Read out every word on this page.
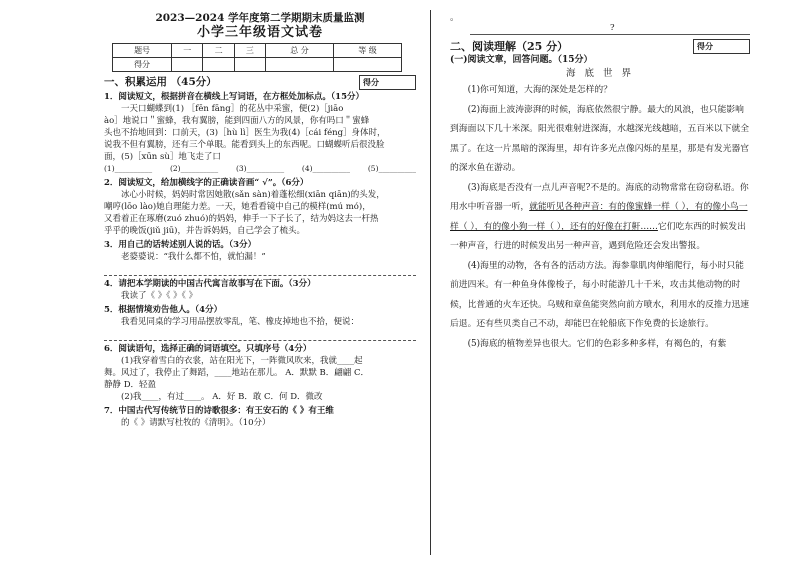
2023—2024 学年度第二学期期末质量监测
小学三年级语文试卷
题号	一	二	三	总 分	等 级
得分					
一、积累运用 （45分）	得分
1．阅读短文，根据拼音在横线上写词语，在方框处加标点。（15分）
一天口蝴蝶到(1) ［fēn fāng］的花丛中采蜜，便(2)［jiāo
ào］地说口＂蜜蜂，我有翼膀，能到四面八方的风景，你有吗口＂蜜蜂
头也不抬地回到：口前天，(3)［hù lì］医生为我(4)［cái féng］身体时，
说我不但有翼膀，还有三个单眼。能看到头上的东西呢。口蝴蝶听后很没脸
面，(5)［xūn sù］地飞走了口
(1)__________ (2)__________ (3)__________ (4)__________ (5)__________
2．阅读短文，给加横线字的正确读音画“ √”。（6分）
冰心小时候，妈妈时常因她散(sǎn sàn)着蓬松细(xiān qiān)的头发，
嘲哼(lōo lào)她自理能力差。一天，她看看镜中自己的模样(mú mó)，
又看着正在琢磨(zuó zhuó)的妈妈，伸手一下子长了，结为妈这去一杆热
乎乎的晚饭(jiǔ jiū)，并告诉妈妈，自己学会了梳头。
3．用自己的话转述别人说的话。（3分）
老婆婆说：“我什么都不怕，就怕漏！”
4．请把本学期读的中国古代寓言故事写在下面。（3分）
我读了《 》《 》《 》
5．根据情境劝告他人。（4分）
我看见同桌的学习用品摆放零乱，笔、橡皮掉地也不拾，便说：
6．阅读语句，选择正确的词语填空。只填序号（4分）
(1)我穿着雪白的衣裳，站在阳光下，一阵微风吹来，我就____起
舞。风过了，我停止了舞蹈，____地站在那儿。 A．默默 B．翩翩 C．
静静 D．轻盈
(2)我____，有过____。 A．好 B．敢 C．何 D．微改
7．中国古代写传统节日的诗歌很多：有王安石的《 》有王维
的《 》请默写杜牧的《清明》。（10分）
。
?
二、阅读理解（25 分）	得分
(一)阅读文章，回答问题。（15分）
海 底 世 界
(1)你可知道，大海的深处是怎样的？
(2)海面上波涛澎湃的时候，海底依然很宁静。最大的风浪，也只能影响到海面以下几十米深。阳光很难射进深海，水越深光线越暗，五百米以下就全黑了。在这一片黑暗的深海里，却有许多光点像闪烁的星星，那是有发光器官的深水鱼在游动。
(3)海底是否没有一点儿声音呢?不是的。海底的动物常常在窃窃私语。你用水中听音器一听，就能听见各种声音：有的像蜜蜂一样（ ），有的像小鸟一样（ ），有的像小狗一样（ ），还有的好像在打鼾……它们吃东西的时候发出一种声音，行进的时候发出另一种声音，遇到危险还会发出警报。
(4)海里的动物，各有各的活动方法。海参靠肌肉伸缩爬行，每小时只能前进四米。有一种鱼身体像梭子，每小时能游几十千米，攻击其他动物的时候，比普通的火车还快。乌贼和章鱼能突然向前方喷水，利用水的反推力迅速后退。还有些贝类自己不动，却能巴在轮船底下作免费的长途旅行。
(5)海底的植物差异也很大。它们的色彩多种多样，有褐色的，有紫
